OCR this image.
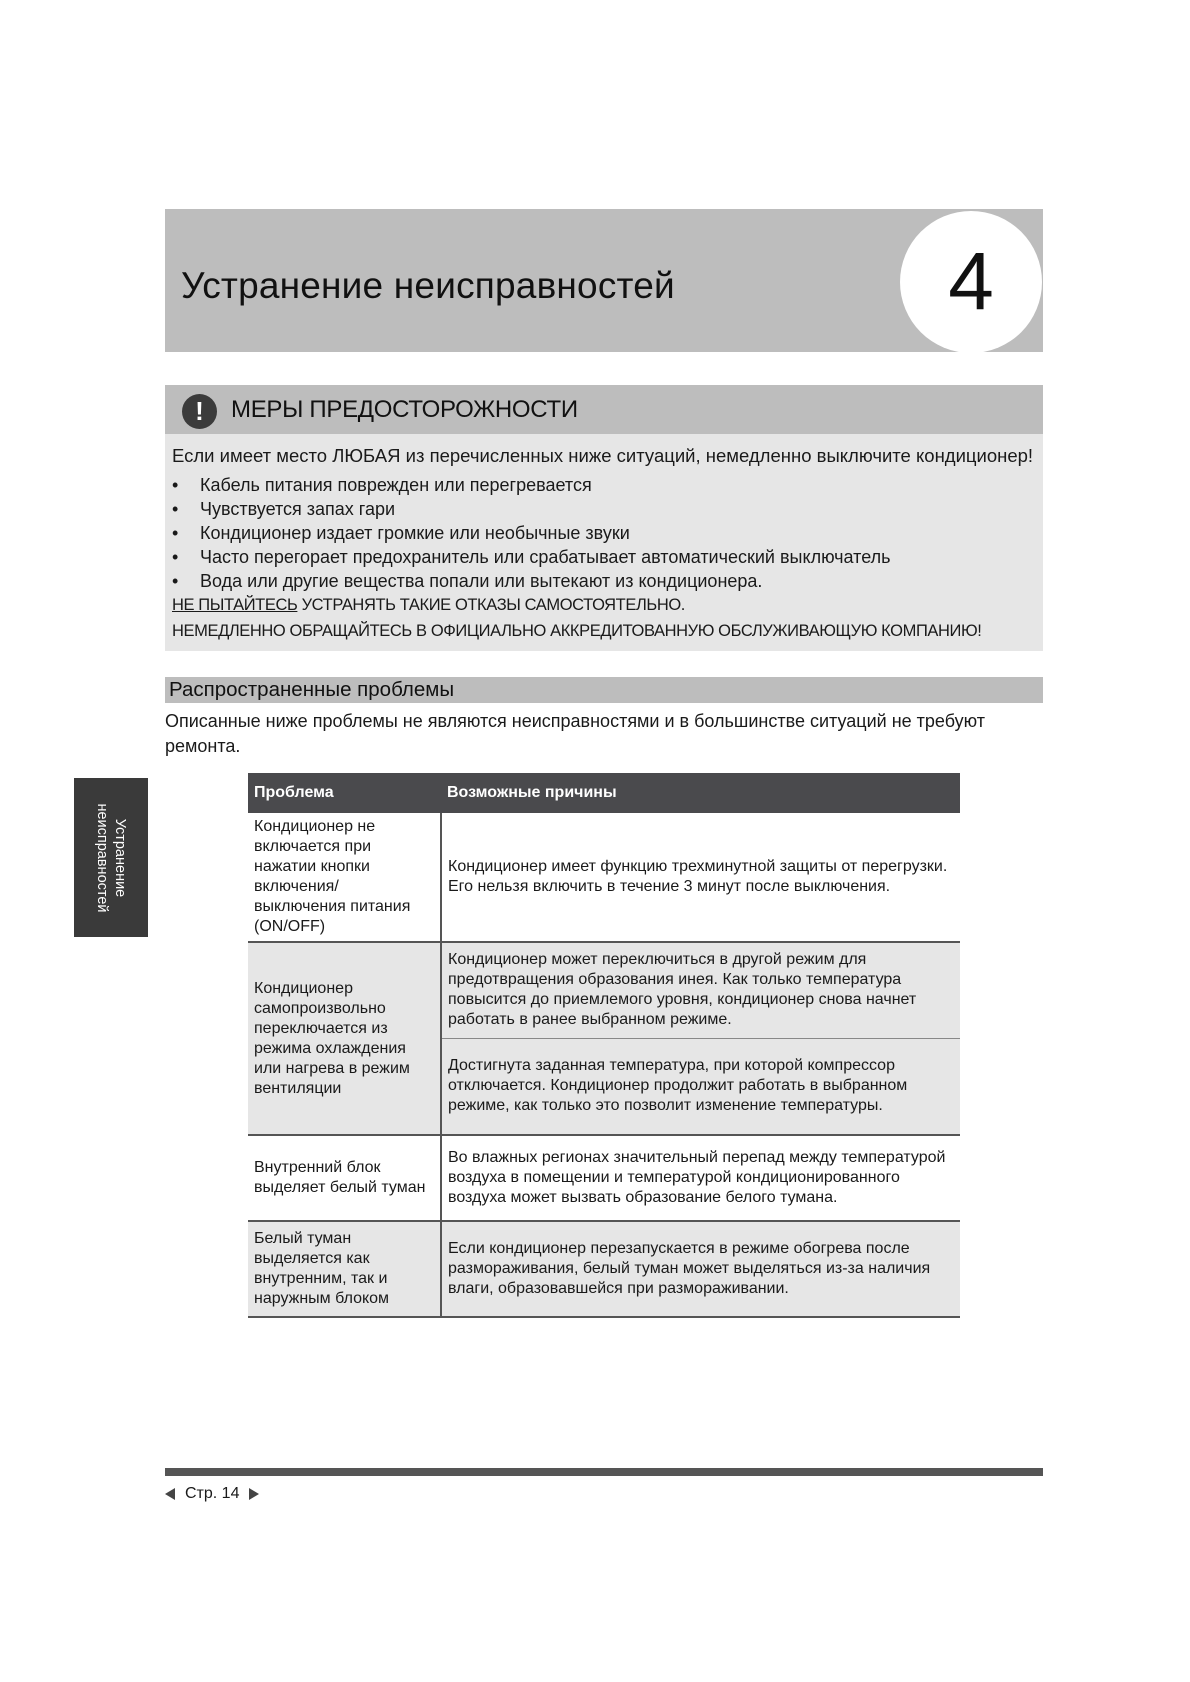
Устранение неисправностей	4
!	МЕРЫ ПРЕДОСТОРОЖНОСТИ
Если имеет место ЛЮБАЯ из перечисленных ниже ситуаций, немедленно выключите кондиционер!
• Кабель питания поврежден или перегревается
• Чувствуется запах гари
• Кондиционер издает громкие или необычные звуки
• Часто перегорает предохранитель или срабатывает автоматический выключатель
• Вода или другие вещества попали или вытекают из кондиционера.
НЕ ПЫТАЙТЕСЬ УСТРАНЯТЬ ТАКИЕ ОТКАЗЫ САМОСТОЯТЕЛЬНО.
НЕМЕДЛЕННО ОБРАЩАЙТЕСЬ В ОФИЦИАЛЬНО АККРЕДИТОВАННУЮ ОБСЛУЖИВАЮЩУЮ КОМПАНИЮ!
Распространенные проблемы
Описанные ниже проблемы не являются неисправностями и в большинстве ситуаций не требуют ремонта.
Устранение
неисправностей
Проблема	Возможные причины
Кондиционер не включается при нажатии кнопки включения/ выключения питания (ON/OFF)	Кондиционер имеет функцию трехминутной защиты от перегрузки. Его нельзя включить в течение 3 минут после выключения.
Кондиционер самопроизвольно переключается из режима охлаждения или нагрева в режим вентиляции	Кондиционер может переключиться в другой режим для предотвращения образования инея. Как только температура повысится до приемлемого уровня, кондиционер снова начнет работать в ранее выбранном режиме.
	Достигнута заданная температура, при которой компрессор отключается. Кондиционер продолжит работать в выбранном режиме, как только это позволит изменение температуры.
Внутренний блок выделяет белый туман	Во влажных регионах значительный перепад между температурой воздуха в помещении и температурой кондиционированного воздуха может вызвать образование белого тумана.
Белый туман выделяется как внутренним, так и наружным блоком	Если кондиционер перезапускается в режиме обогрева после размораживания, белый туман может выделяться из-за наличия влаги, образовавшейся при размораживании.
Стр. 14
